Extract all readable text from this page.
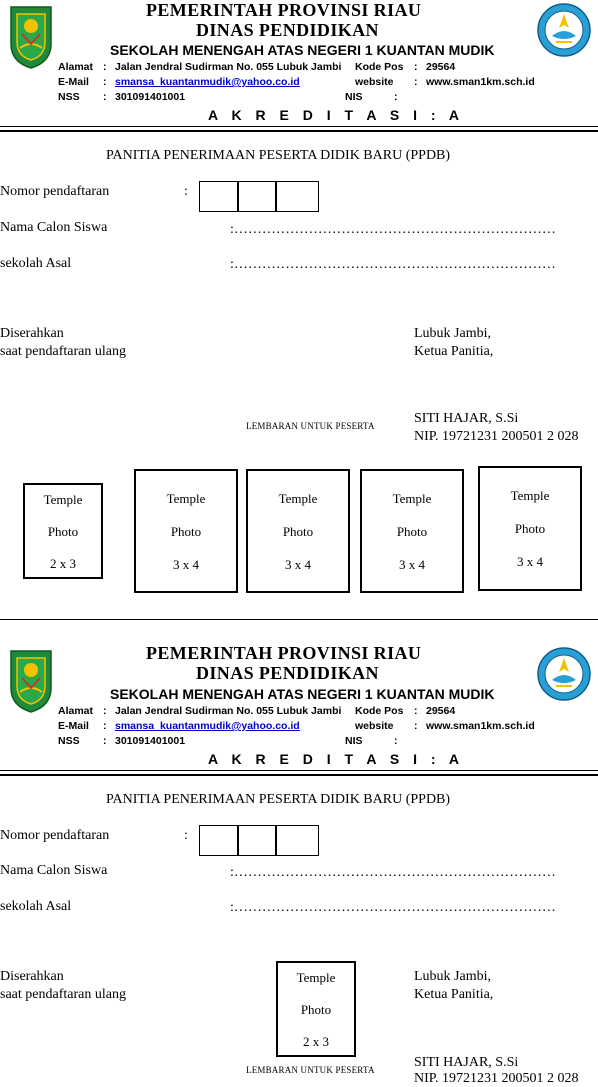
PEMERINTAH PROVINSI RIAU
DINAS PENDIDIKAN
SEKOLAH MENENGAH ATAS NEGERI 1 KUANTAN MUDIK
Alamat : Jalan Jendral Sudirman No. 055 Lubuk Jambi Kode Pos : 29564
E-Mail : smansa_kuantanmudik@yahoo.co.id	website : www.sman1km.sch.id
NSS : 301091401001	NIS	:
A K R E D I T A S I : A
PANITIA PENERIMAAN PESERTA DIDIK BARU (PPDB)
Nomor pendaftaran	:
Nama Calon Siswa	:……………………………………………………………
sekolah Asal	:……………………………………………………………
Diserahkan
saat pendaftaran ulang
Lubuk Jambi,
Ketua Panitia,
LEMBARAN UNTUK PESERTA	SITI HAJAR, S.Si
NIP. 19721231 200501 2 028
Temple
Photo
2 x 3
Temple
Photo
3 x 4
Temple
Photo
3 x 4
Temple
Photo
3 x 4
Temple
Photo
3 x 4
PEMERINTAH PROVINSI RIAU
DINAS PENDIDIKAN
SEKOLAH MENENGAH ATAS NEGERI 1 KUANTAN MUDIK
Alamat : Jalan Jendral Sudirman No. 055 Lubuk Jambi Kode Pos : 29564
E-Mail : smansa_kuantanmudik@yahoo.co.id	website : www.sman1km.sch.id
NSS : 301091401001	NIS	:
A K R E D I T A S I : A
PANITIA PENERIMAAN PESERTA DIDIK BARU (PPDB)
Nomor pendaftaran	:
Nama Calon Siswa	:……………………………………………………………
sekolah Asal	:……………………………………………………………
Diserahkan
saat pendaftaran ulang
Temple
Photo
2 x 3
Lubuk Jambi,
Ketua Panitia,
LEMBARAN UNTUK PESERTA	SITI HAJAR, S.Si
NIP. 19721231 200501 2 028
